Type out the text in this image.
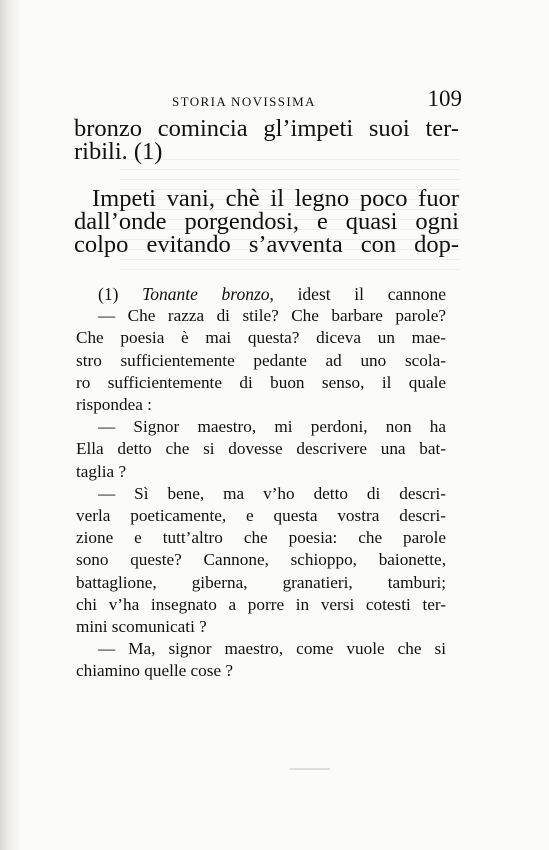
STORIA NOVISSIMA	109
bronzo comincia gl’impeti suoi ter-
ribili. (1)
Impeti vani, chè il legno poco fuor
dall’onde porgendosi, e quasi ogni
colpo evitando s’avventa con dop-
(1) Tonante bronzo, idest il cannone
— Che razza di stile? Che barbare parole?
Che poesia è mai questa? diceva un mae-
stro sufficientemente pedante ad uno scola-
ro sufficientemente di buon senso, il quale
rispondea :
— Signor maestro, mi perdoni, non ha
Ella detto che si dovesse descrivere una bat-
taglia ?
— Sì bene, ma v’ho detto di descri-
verla poeticamente, e questa vostra descri-
zione e tutt’altro che poesia: che parole
sono queste? Cannone, schioppo, baionette,
battaglione, giberna, granatieri, tamburi;
chi v’ha insegnato a porre in versi cotesti ter-
mini scomunicati ?
— Ma, signor maestro, come vuole che si
chiamino quelle cose ?
